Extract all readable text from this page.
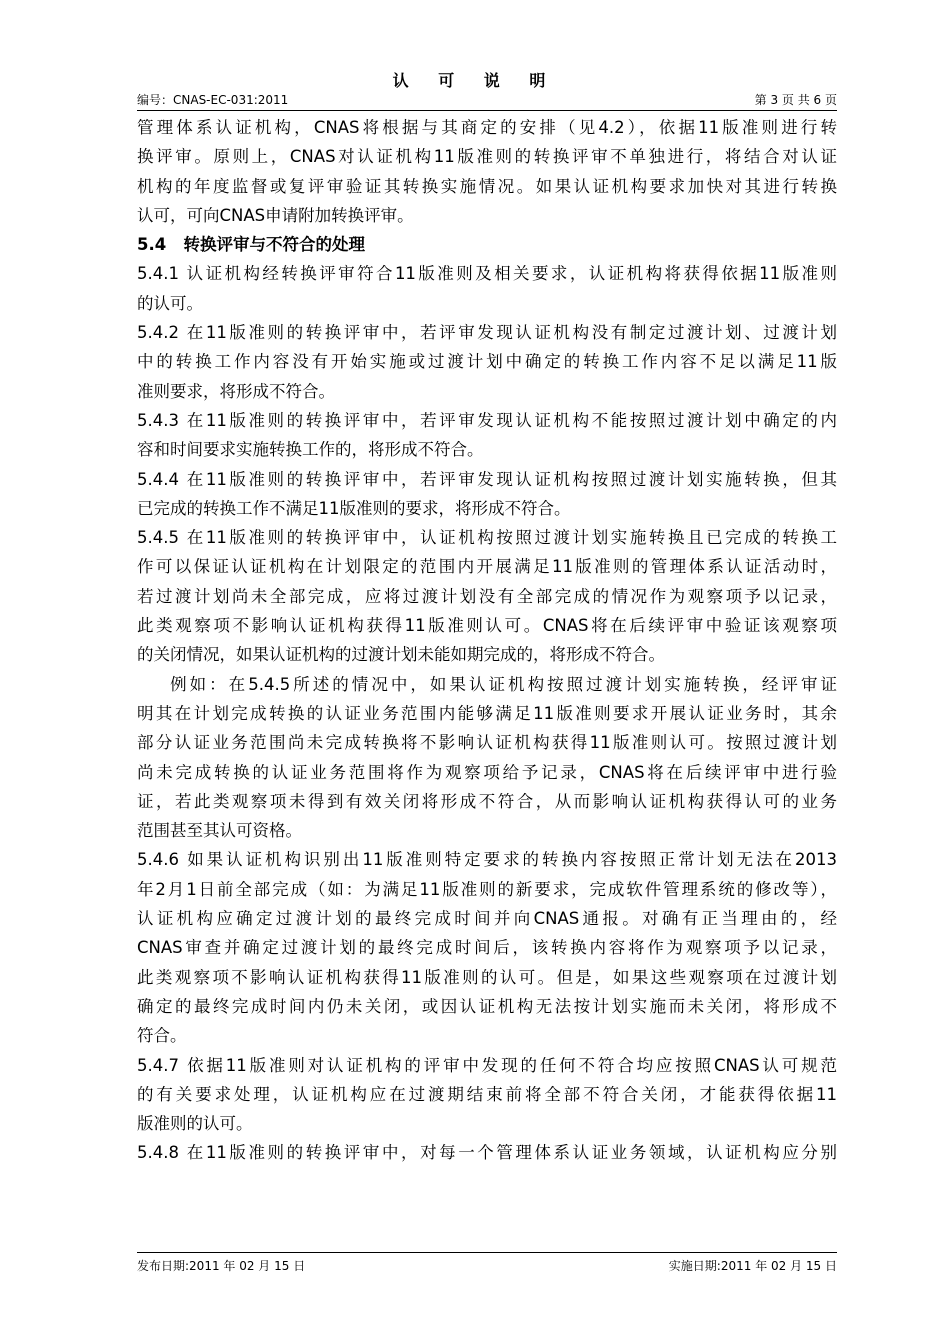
认 可 说 明
编号：CNAS-EC-031:2011	第 3 页 共 6 页
管理体系认证机构，CNAS将根据与其商定的安排（见4.2），依据11版准则进行转
换评审。原则上，CNAS对认证机构11版准则的转换评审不单独进行，将结合对认证
机构的年度监督或复评审验证其转换实施情况。如果认证机构要求加快对其进行转换
认可，可向CNAS申请附加转换评审。
5.4   转换评审与不符合的处理
5.4.1 认证机构经转换评审符合11版准则及相关要求，认证机构将获得依据11版准则
的认可。
5.4.2 在11版准则的转换评审中，若评审发现认证机构没有制定过渡计划、过渡计划
中的转换工作内容没有开始实施或过渡计划中确定的转换工作内容不足以满足11版
准则要求，将形成不符合。
5.4.3 在11版准则的转换评审中，若评审发现认证机构不能按照过渡计划中确定的内
容和时间要求实施转换工作的，将形成不符合。
5.4.4 在11版准则的转换评审中，若评审发现认证机构按照过渡计划实施转换，但其
已完成的转换工作不满足11版准则的要求，将形成不符合。
5.4.5 在11版准则的转换评审中，认证机构按照过渡计划实施转换且已完成的转换工
作可以保证认证机构在计划限定的范围内开展满足11版准则的管理体系认证活动时，
若过渡计划尚未全部完成，应将过渡计划没有全部完成的情况作为观察项予以记录，
此类观察项不影响认证机构获得11版准则认可。CNAS将在后续评审中验证该观察项
的关闭情况，如果认证机构的过渡计划未能如期完成的，将形成不符合。
例如：在5.4.5所述的情况中，如果认证机构按照过渡计划实施转换，经评审证
明其在计划完成转换的认证业务范围内能够满足11版准则要求开展认证业务时，其余
部分认证业务范围尚未完成转换将不影响认证机构获得11版准则认可。按照过渡计划
尚未完成转换的认证业务范围将作为观察项给予记录，CNAS将在后续评审中进行验
证，若此类观察项未得到有效关闭将形成不符合，从而影响认证机构获得认可的业务
范围甚至其认可资格。
5.4.6 如果认证机构识别出11版准则特定要求的转换内容按照正常计划无法在2013
年2月1日前全部完成（如：为满足11版准则的新要求，完成软件管理系统的修改等），
认证机构应确定过渡计划的最终完成时间并向CNAS通报。对确有正当理由的，经
CNAS审查并确定过渡计划的最终完成时间后，该转换内容将作为观察项予以记录，
此类观察项不影响认证机构获得11版准则的认可。但是，如果这些观察项在过渡计划
确定的最终完成时间内仍未关闭，或因认证机构无法按计划实施而未关闭，将形成不
符合。
5.4.7 依据11版准则对认证机构的评审中发现的任何不符合均应按照CNAS认可规范
的有关要求处理，认证机构应在过渡期结束前将全部不符合关闭，才能获得依据11
版准则的认可。
5.4.8 在11版准则的转换评审中，对每一个管理体系认证业务领域，认证机构应分别
发布日期:2011 年 02 月 15 日	实施日期:2011 年 02 月 15 日
